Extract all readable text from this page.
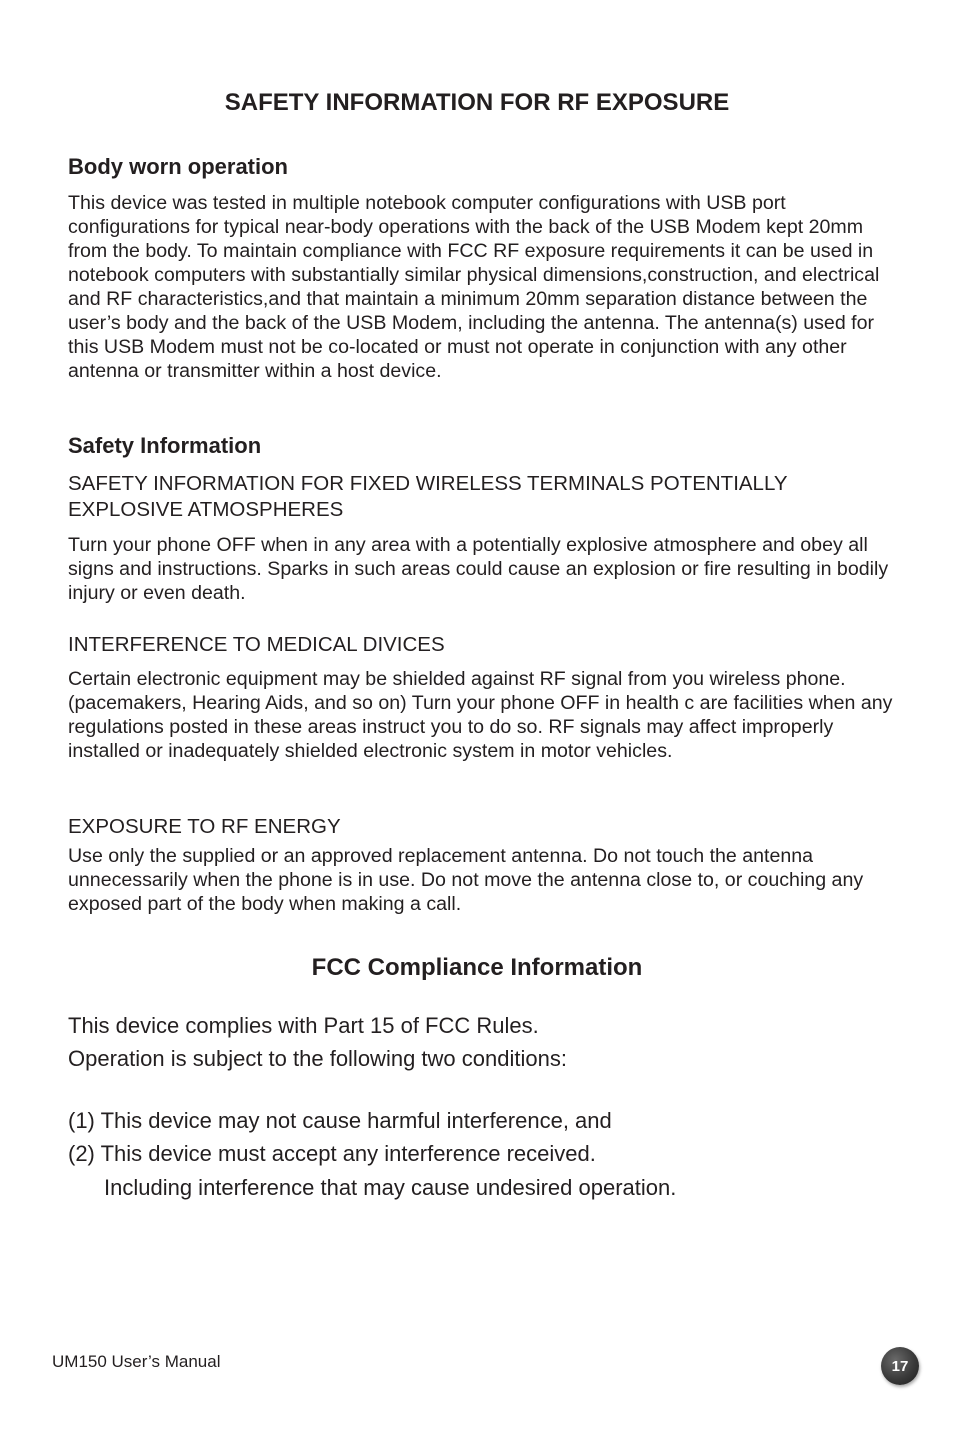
SAFETY INFORMATION FOR RF EXPOSURE
Body worn operation

This device was tested in multiple notebook computer configurations with USB port configurations for typical near-body operations with the back of the USB Modem kept 20mm from the body. To maintain compliance with FCC RF exposure requirements it can be used in notebook computers with substantially similar physical dimensions,construction, and electrical and RF characteristics,and that maintain a minimum 20mm separation distance between the user’s body and the back of the USB Modem, including the antenna. The antenna(s) used for this USB Modem must not be co-located or must not operate in conjunction with any other antenna or transmitter within a host device.

Safety Information

SAFETY INFORMATION FOR FIXED WIRELESS TERMINALS POTENTIALLY EXPLOSIVE ATMOSPHERES

Turn your phone OFF when in any area with a potentially explosive atmosphere and obey all signs and instructions. Sparks in such areas could cause an explosion or fire resulting in bodily injury or even death.

INTERFERENCE TO MEDICAL DIVICES

Certain electronic equipment may be shielded against RF signal from you wireless phone. (pacemakers, Hearing Aids, and so on) Turn your phone OFF in health c are facilities when any regulations posted in these areas instruct you to do so. RF signals may affect improperly installed or inadequately shielded electronic system in motor vehicles.

EXPOSURE TO RF ENERGY

Use only the supplied or an approved replacement antenna. Do not touch the antenna unnecessarily when the phone is in use. Do not move the antenna close to, or couching any exposed part of the body when making a call.

FCC Compliance Information

This device complies with Part 15 of FCC Rules.

Operation is subject to the following two conditions:

(1) This device may not cause harmful interference, and

(2) This device must accept any interference received.

Including interference that may cause undesired operation.

UM150 User’s Manual	17
